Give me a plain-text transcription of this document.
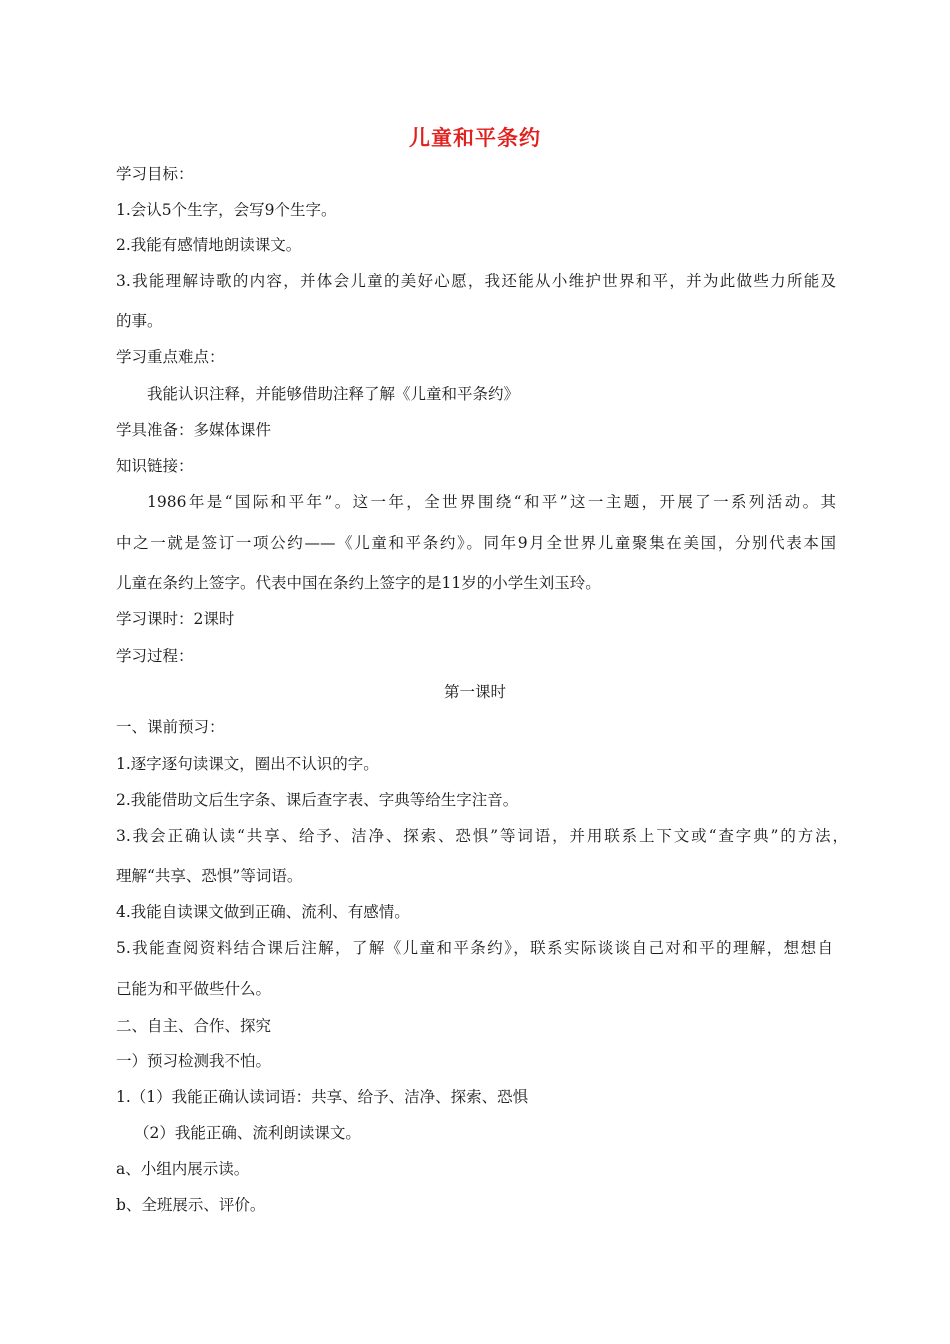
儿童和平条约
学习目标：
1.会认5个生字，会写9个生字。
2.我能有感情地朗读课文。
3.我能理解诗歌的内容，并体会儿童的美好心愿，我还能从小维护世界和平，并为此做些力所能及
的事。
学习重点难点：
我能认识注释，并能够借助注释了解《儿童和平条约》
学具准备：多媒体课件
知识链接：
1986年是“国际和平年”。这一年，全世界围绕“和平”这一主题，开展了一系列活动。其
中之一就是签订一项公约——《儿童和平条约》。同年9月全世界儿童聚集在美国，分别代表本国
儿童在条约上签字。代表中国在条约上签字的是11岁的小学生刘玉玲。
学习课时：2课时
学习过程：
第一课时
一、课前预习：
1.逐字逐句读课文，圈出不认识的字。
2.我能借助文后生字条、课后查字表、字典等给生字注音。
3.我会正确认读“共享、给予、洁净、探索、恐惧”等词语，并用联系上下文或“查字典”的方法，
理解“共享、恐惧”等词语。
4.我能自读课文做到正确、流利、有感情。
5.我能查阅资料结合课后注解，了解《儿童和平条约》，联系实际谈谈自己对和平的理解，想想自
己能为和平做些什么。
二、自主、合作、探究
一）预习检测我不怕。
1.（1）我能正确认读词语：共享、给予、洁净、探索、恐惧
（2）我能正确、流利朗读课文。
a、小组内展示读。
b、全班展示、评价。
